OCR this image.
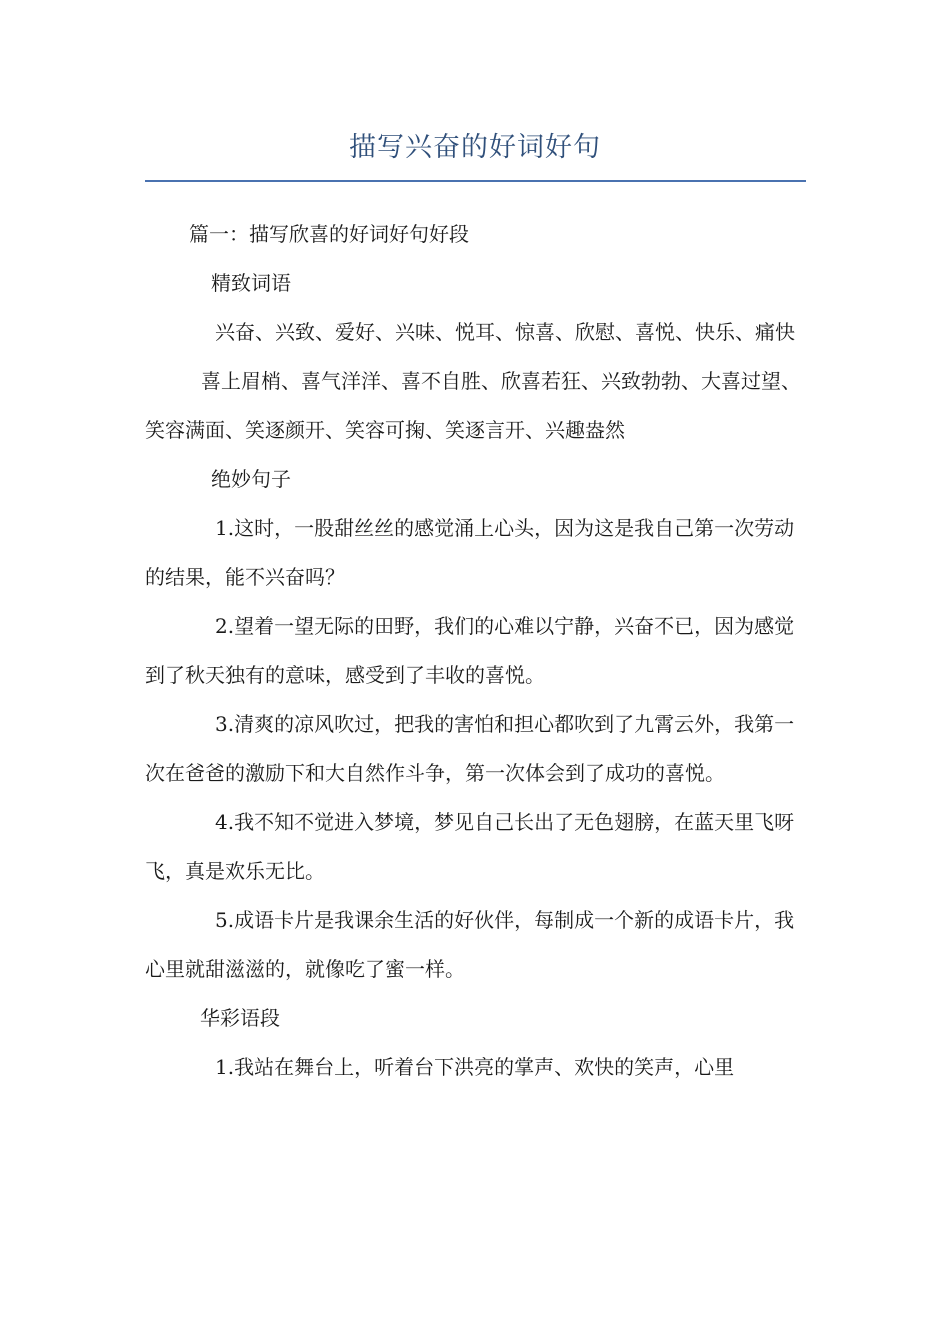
描写兴奋的好词好句

篇一：描写欣喜的好词好句好段

精致词语

兴奋、兴致、爱好、兴味、悦耳、惊喜、欣慰、喜悦、快乐、痛快

喜上眉梢、喜气洋洋、喜不自胜、欣喜若狂、兴致勃勃、大喜过望、笑容满面、笑逐颜开、笑容可掬、笑逐言开、兴趣盎然

绝妙句子

1.这时，一股甜丝丝的感觉涌上心头，因为这是我自己第一次劳动的结果，能不兴奋吗？

2.望着一望无际的田野，我们的心难以宁静，兴奋不已，因为感觉到了秋天独有的意味，感受到了丰收的喜悦。

3.清爽的凉风吹过，把我的害怕和担心都吹到了九霄云外，我第一次在爸爸的激励下和大自然作斗争，第一次体会到了成功的喜悦。

4.我不知不觉进入梦境，梦见自己长出了无色翅膀，在蓝天里飞呀飞，真是欢乐无比。

5.成语卡片是我课余生活的好伙伴，每制成一个新的成语卡片，我心里就甜滋滋的，就像吃了蜜一样。

华彩语段

1.我站在舞台上，听着台下洪亮的掌声、欢快的笑声，心里
